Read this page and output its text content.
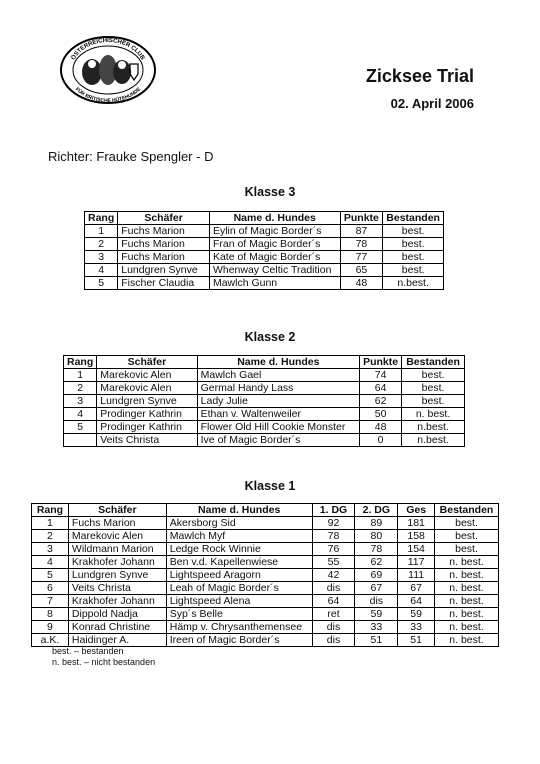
ÖSTERREICHISCHER CLUB
FÜR BRITISCHE HÜTEHUNDE
Zicksee Trial
02. April 2006
Richter: Frauke Spengler - D
Klasse 3
Rang	Schäfer	Name d. Hundes	Punkte	Bestanden
1	Fuchs Marion	Eylin of Magic Border´s	87	best.
2	Fuchs Marion	Fran of Magic Border´s	78	best.
3	Fuchs Marion	Kate of Magic Border´s	77	best.
4	Lundgren Synve	Whenway Celtic Tradition	65	best.
5	Fischer Claudia	Mawlch Gunn	48	n.best.
Klasse 2
Rang	Schäfer	Name d. Hundes	Punkte	Bestanden
1	Marekovic Alen	Mawlch Gael	74	best.
2	Marekovic Alen	Germal Handy Lass	64	best.
3	Lundgren Synve	Lady Julie	62	best.
4	Prodinger Kathrin	Ethan v. Waltenweiler	50	n. best.
5	Prodinger Kathrin	Flower Old Hill Cookie Monster	48	n.best.
	Veits Christa	Ive of Magic Border´s	0	n.best.
Klasse 1
Rang	Schäfer	Name d. Hundes	1. DG	2. DG	Ges	Bestanden
1	Fuchs Marion	Akersborg Sid	92	89	181	best.
2	Marekovic Alen	Mawlch Myf	78	80	158	best.
3	Wildmann Marion	Ledge Rock Winnie	76	78	154	best.
4	Krakhofer Johann	Ben v.d. Kapellenwiese	55	62	117	n. best.
5	Lundgren Synve	Lightspeed Aragorn	42	69	111	n. best.
6	Veits Christa	Leah of Magic Border´s	dis	67	67	n. best.
7	Krakhofer Johann	Lightspeed Alena	64	dis	64	n. best.
8	Dippold Nadja	Syp´s Belle	ret	59	59	n. best.
9	Konrad Christine	Hämp v. Chrysanthemensee	dis	33	33	n. best.
a.K.	Haidinger A.	Ireen of Magic Border´s	dis	51	51	n. best.
best. – bestanden
n. best. – nicht bestanden
